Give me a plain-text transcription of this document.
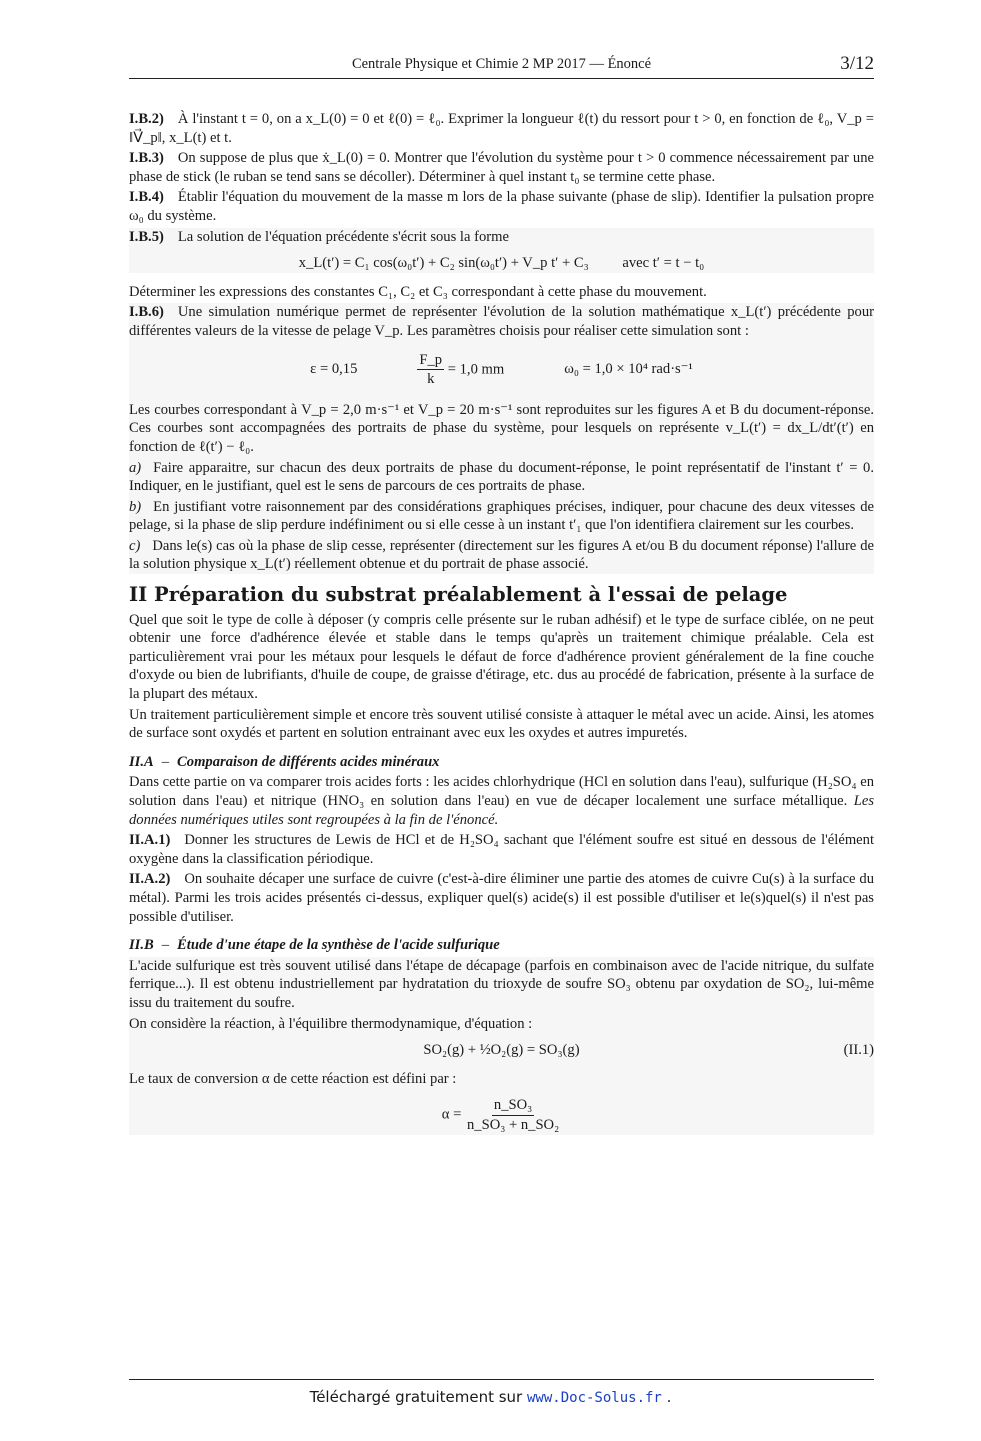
Centrale Physique et Chimie 2 MP 2017 — Énoncé	3/12

I.B.2) À l'instant t = 0, on a x_L(0) = 0 et ℓ(0) = ℓ₀. Exprimer la longueur ℓ(t) du ressort pour t > 0, en fonction de ℓ₀, V_p = ‖V⃗_p‖, x_L(t) et t.

I.B.3) On suppose de plus que ẋ_L(0) = 0. Montrer que l'évolution du système pour t > 0 commence nécessairement par une phase de stick (le ruban se tend sans se décoller). Déterminer à quel instant t₀ se termine cette phase.

I.B.4) Établir l'équation du mouvement de la masse m lors de la phase suivante (phase de slip). Identifier la pulsation propre ω₀ du système.

I.B.5) La solution de l'équation précédente s'écrit sous la forme

x_L(t′) = C₁ cos(ω₀t′) + C₂ sin(ω₀t′) + V_p t′ + C₃ avec t′ = t − t₀

Déterminer les expressions des constantes C₁, C₂ et C₃ correspondant à cette phase du mouvement.

I.B.6) Une simulation numérique permet de représenter l'évolution de la solution mathématique x_L(t′) précédente pour différentes valeurs de la vitesse de pelage V_p. Les paramètres choisis pour réaliser cette simulation sont :

ε = 0,15	$\frac{F\_p}{k} = 1,0$ mm	ω₀ = 1,0 × 10⁴ rad·s⁻¹

Les courbes correspondant à V_p = 2,0 m·s⁻¹ et V_p = 20 m·s⁻¹ sont reproduites sur les figures A et B du document-réponse. Ces courbes sont accompagnées des portraits de phase du système, pour lesquels on représente v_L(t′) = dx_L/dt′(t′) en fonction de ℓ(t′) − ℓ₀.

a) Faire apparaitre, sur chacun des deux portraits de phase du document-réponse, le point représentatif de l'instant t′ = 0. Indiquer, en le justifiant, quel est le sens de parcours de ces portraits de phase.

b) En justifiant votre raisonnement par des considérations graphiques précises, indiquer, pour chacune des deux vitesses de pelage, si la phase de slip perdure indéfiniment ou si elle cesse à un instant t′₁ que l'on identifiera clairement sur les courbes.

c) Dans le(s) cas où la phase de slip cesse, représenter (directement sur les figures A et/ou B du document réponse) l'allure de la solution physique x_L(t′) réellement obtenue et du portrait de phase associé.

II Préparation du substrat préalablement à l'essai de pelage

Quel que soit le type de colle à déposer (y compris celle présente sur le ruban adhésif) et le type de surface ciblée, on ne peut obtenir une force d'adhérence élevée et stable dans le temps qu'après un traitement chimique préalable. Cela est particulièrement vrai pour les métaux pour lesquels le défaut de force d'adhérence provient généralement de la fine couche d'oxyde ou bien de lubrifiants, d'huile de coupe, de graisse d'étirage, etc. dus au procédé de fabrication, présente à la surface de la plupart des métaux.

Un traitement particulièrement simple et encore très souvent utilisé consiste à attaquer le métal avec un acide. Ainsi, les atomes de surface sont oxydés et partent en solution entrainant avec eux les oxydes et autres impuretés.

II.A – Comparaison de différents acides minéraux

Dans cette partie on va comparer trois acides forts : les acides chlorhydrique (HCl en solution dans l'eau), sulfurique (H₂SO₄ en solution dans l'eau) et nitrique (HNO₃ en solution dans l'eau) en vue de décaper localement une surface métallique. Les données numériques utiles sont regroupées à la fin de l'énoncé.

II.A.1) Donner les structures de Lewis de HCl et de H₂SO₄ sachant que l'élément soufre est situé en dessous de l'élément oxygène dans la classification périodique.

II.A.2) On souhaite décaper une surface de cuivre (c'est-à-dire éliminer une partie des atomes de cuivre Cu(s) à la surface du métal). Parmi les trois acides présentés ci-dessus, expliquer quel(s) acide(s) il est possible d'utiliser et le(s)quel(s) il n'est pas possible d'utiliser.

II.B – Étude d'une étape de la synthèse de l'acide sulfurique

L'acide sulfurique est très souvent utilisé dans l'étape de décapage (parfois en combinaison avec de l'acide nitrique, du sulfate ferrique...). Il est obtenu industriellement par hydratation du trioxyde de soufre SO₃ obtenu par oxydation de SO₂, lui-même issu du traitement du soufre.

On considère la réaction, à l'équilibre thermodynamique, d'équation :

SO₂(g) + ½O₂(g) = SO₃(g)	(II.1)

Le taux de conversion α de cette réaction est défini par :

$\alpha = \frac{\text{n\_SO₃}}{\text{n\_SO₃ + n\_SO₂}}$
Téléchargé gratuitement sur www.Doc-Solus.fr .
